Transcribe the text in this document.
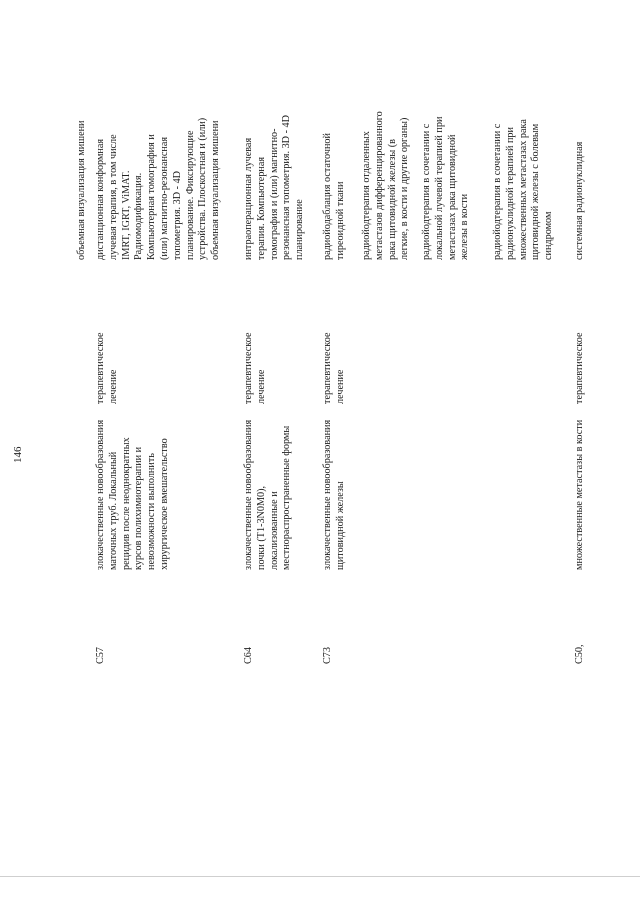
146
объемная визуализация мишени
C57
злокачественные новообразования маточных труб. Локальный рецидив после неоднократных курсов полихимиотерапии и невозможности выполнить хирургическое вмешательство
терапевтическое лечение
дистанционная конформная лучевая терапия, в том числе IMRT, IGRT, ViMAT. Радиомодификация. Компьютерная томография и (или) магнитно-резонансная топометрия. 3D - 4D планирование. Фиксирующие устройства. Плоскостная и (или) объемная визуализация мишени
C64
злокачественные новообразования почки (T1-3N0M0), локализованные и местнораспространенные формы
терапевтическое лечение
интраоперационная лучевая терапия. Компьютерная томография и (или) магнитно- резонансная топометрия. 3D - 4D планирование
C73
злокачественные новообразования щитовидной железы
терапевтическое лечение
радиойодаблация остаточной тиреоидной ткани радиойодтерапия отдаленных метастазов дифференцированного рака щитовидной железы (в легкие, в кости и другие органы) радиойодтерапия в сочетании с локальной лучевой терапией при метастазах рака щитовидной железы в кости радиойодтерапия в сочетании с радионуклидной терапией при множественных метастазах рака щитовидной железы с болевым синдромом
C50,
множественные метастазы в кости
терапевтическое
системная радионуклидная
